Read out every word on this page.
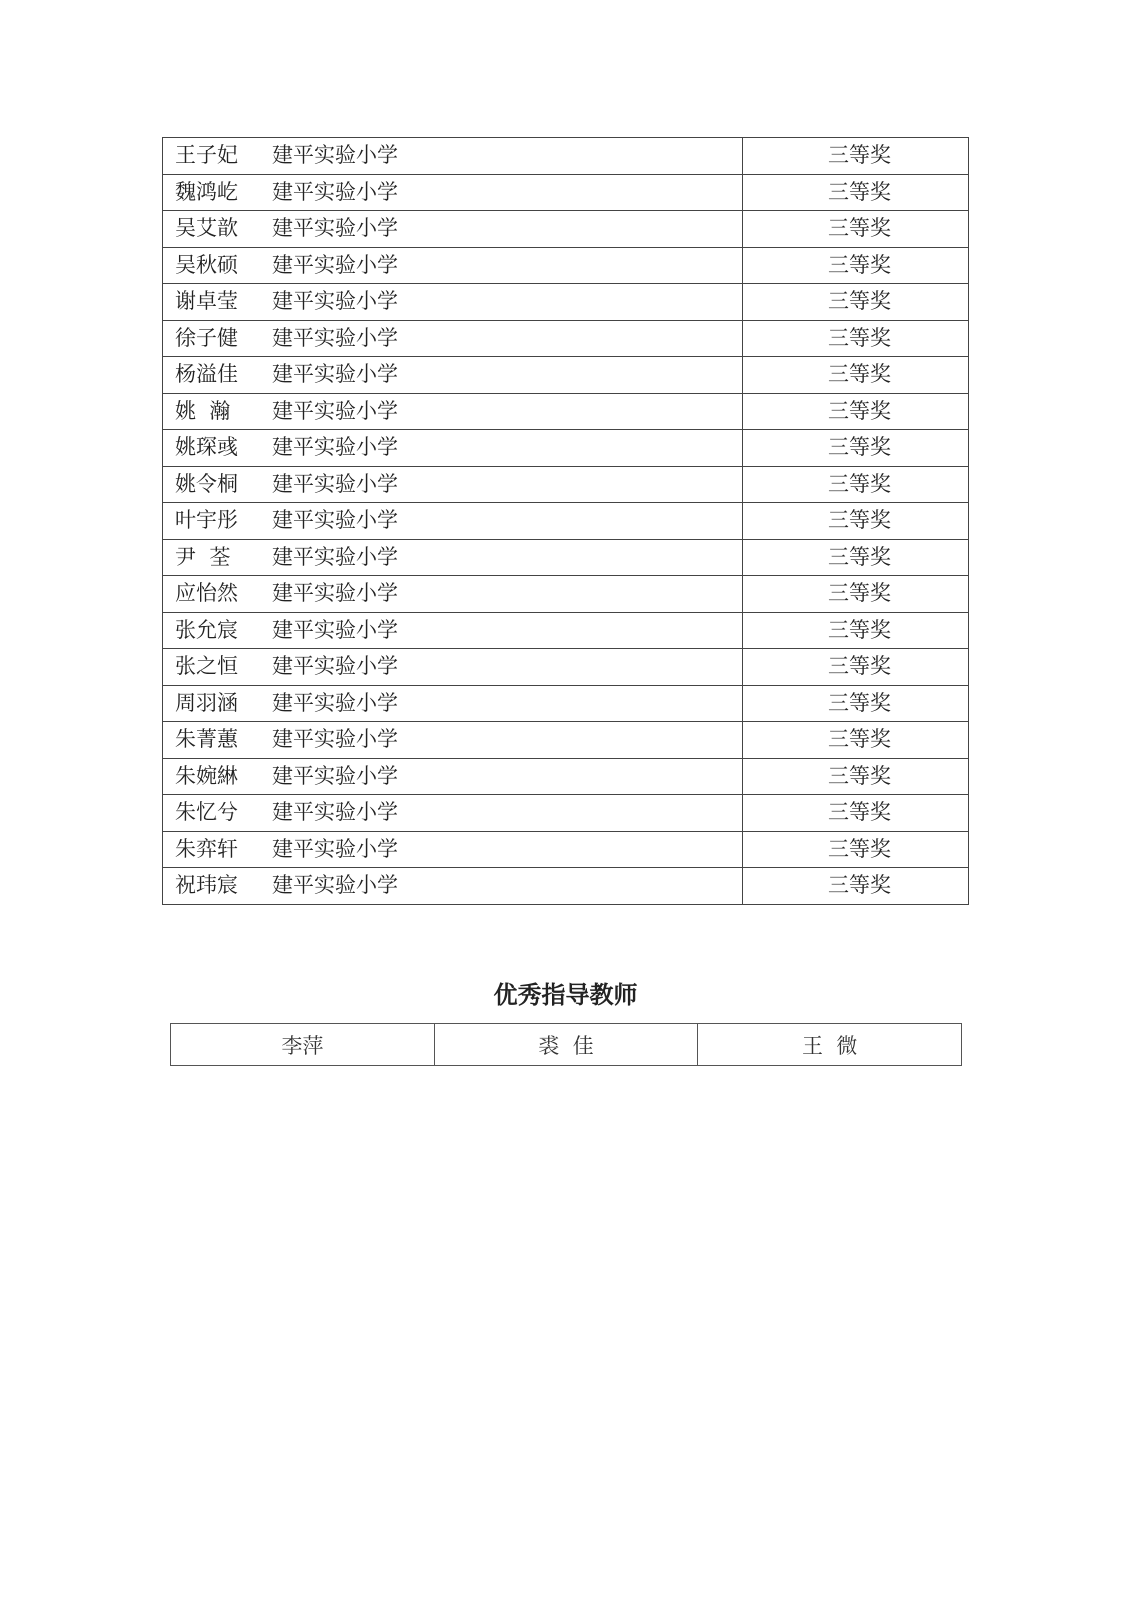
王子妃 建平实验小学	三等奖
魏鸿屹 建平实验小学	三等奖
吴艾歆 建平实验小学	三等奖
吴秋硕 建平实验小学	三等奖
谢卓莹 建平实验小学	三等奖
徐子健 建平实验小学	三等奖
杨溢佳 建平实验小学	三等奖
姚  瀚 建平实验小学	三等奖
姚琛彧 建平实验小学	三等奖
姚令桐 建平实验小学	三等奖
叶宇彤 建平实验小学	三等奖
尹  荃 建平实验小学	三等奖
应怡然 建平实验小学	三等奖
张允宸 建平实验小学	三等奖
张之恒 建平实验小学	三等奖
周羽涵 建平实验小学	三等奖
朱菁蕙 建平实验小学	三等奖
朱婉綝 建平实验小学	三等奖
朱忆兮 建平实验小学	三等奖
朱弈轩 建平实验小学	三等奖
祝玮宸 建平实验小学	三等奖
优秀指导教师
李萍	裘  佳	王  微
